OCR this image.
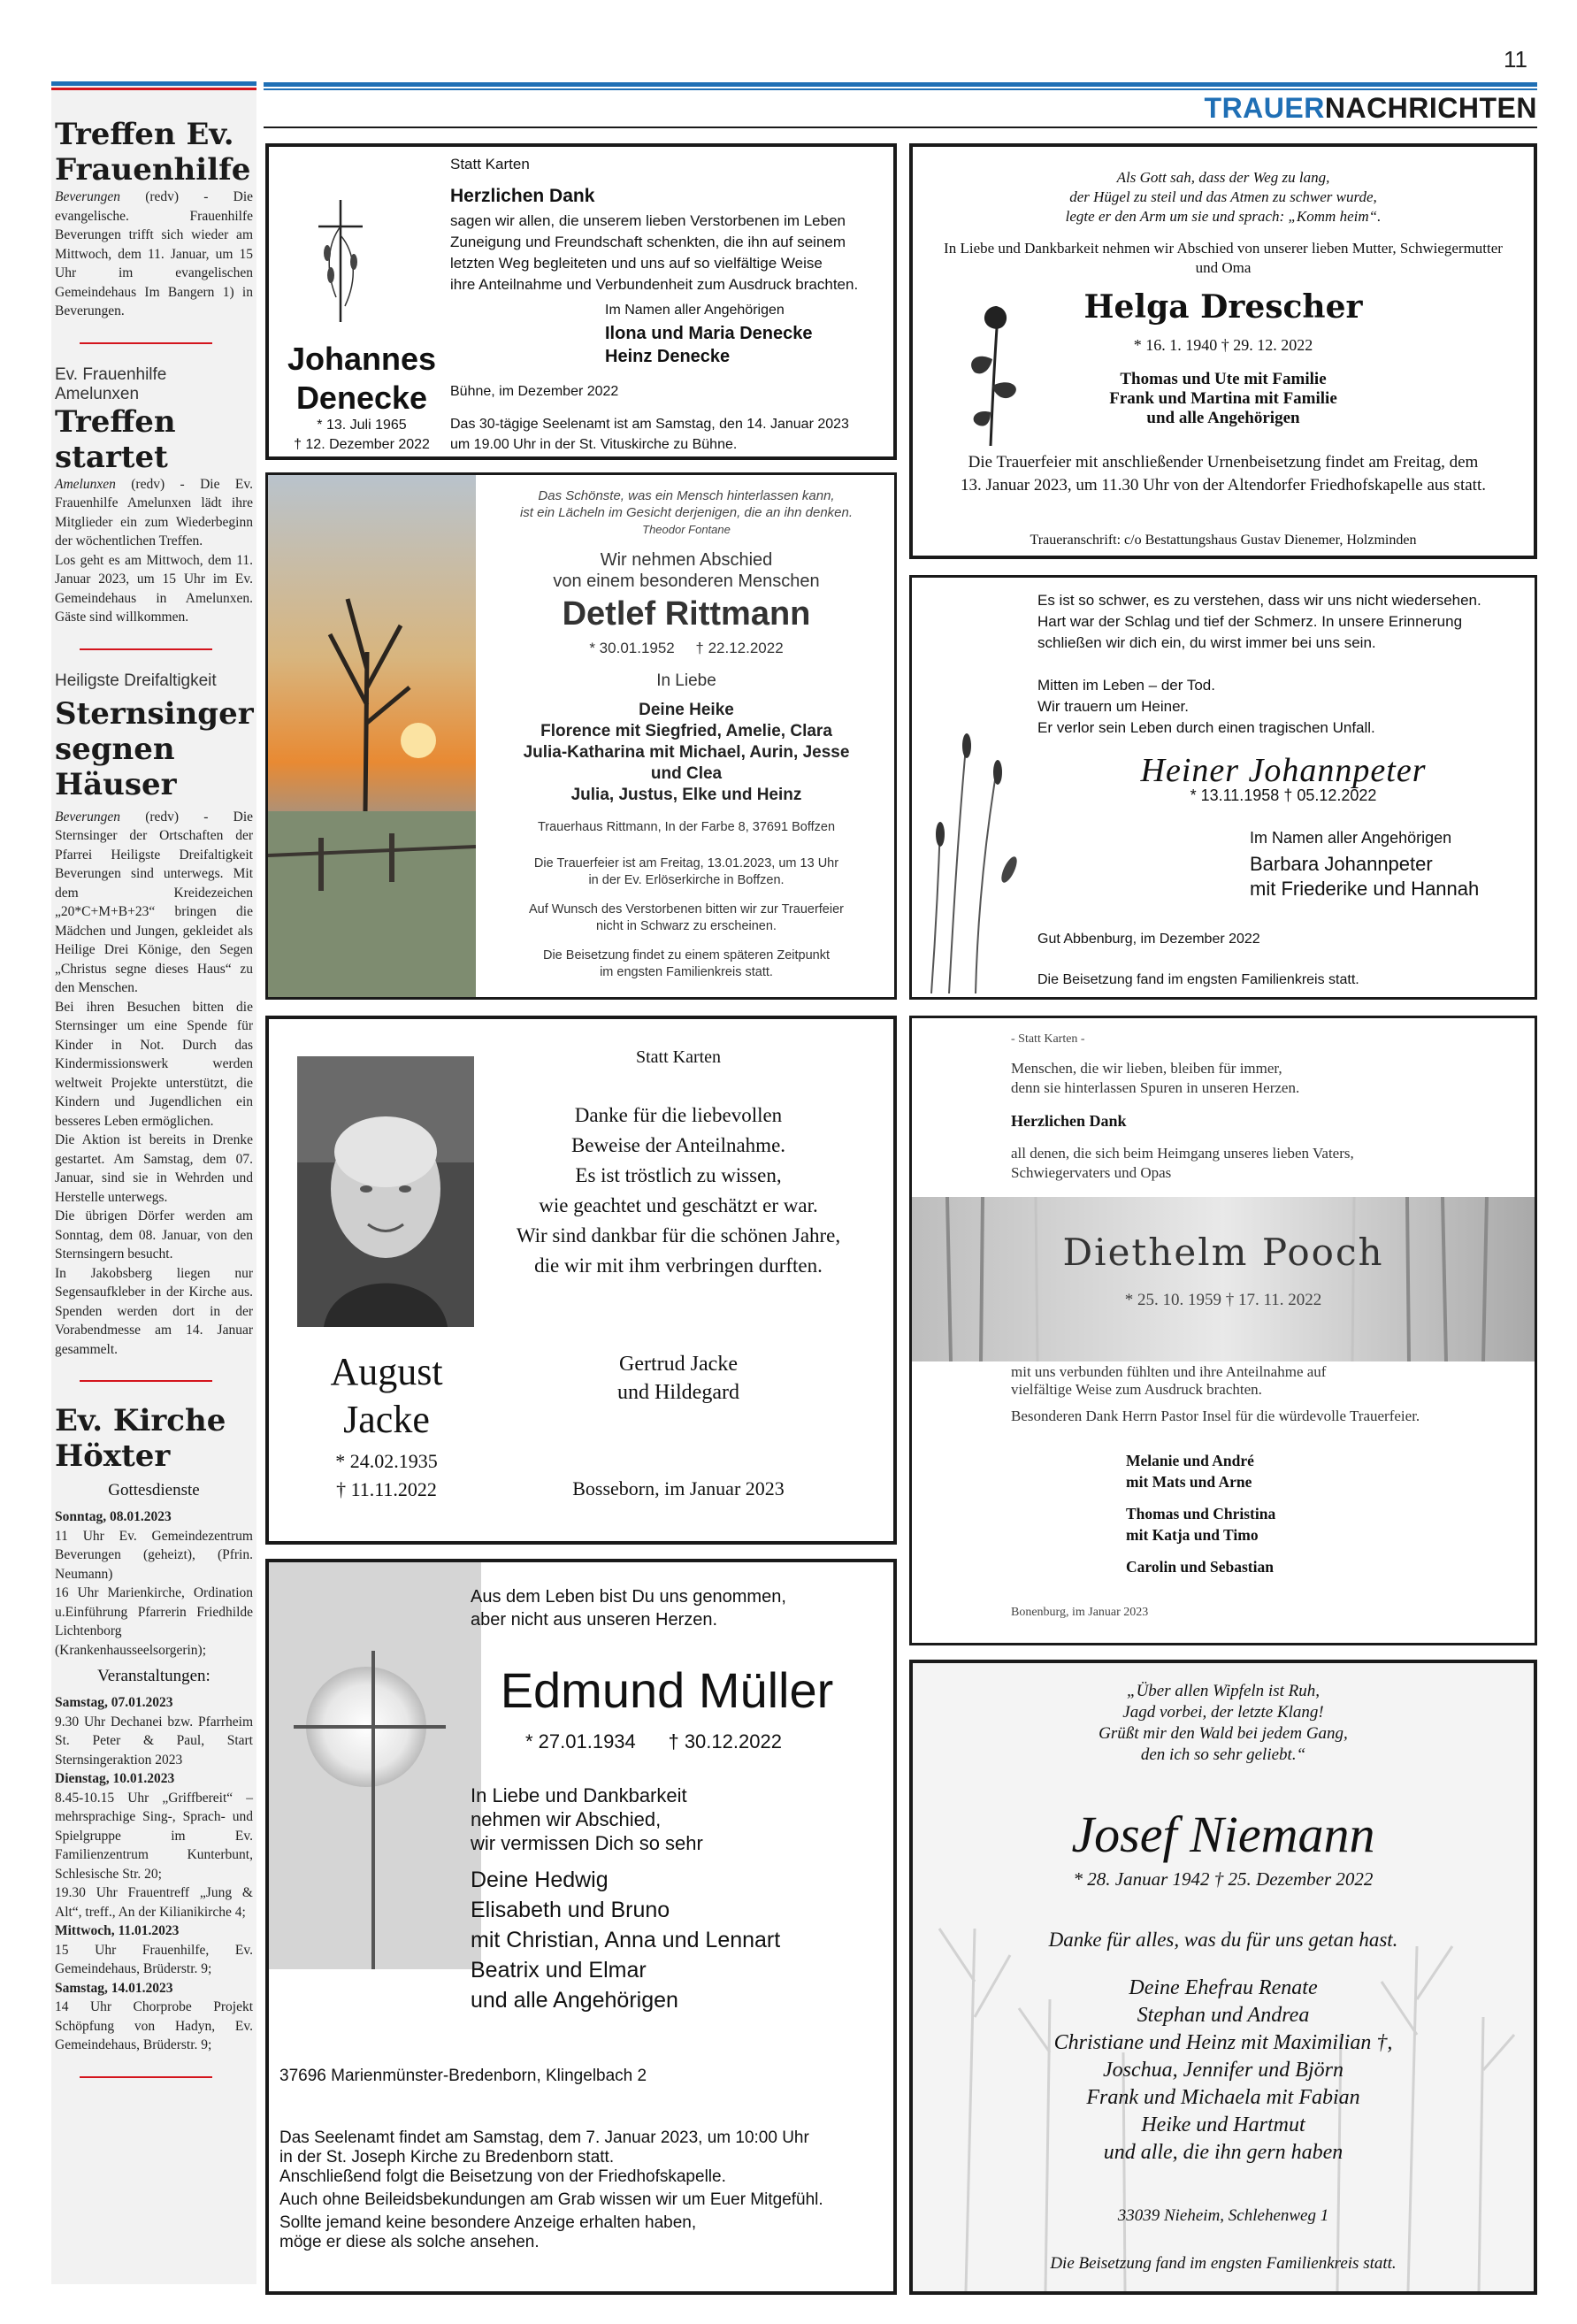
11
TRAUERNACHRICHTEN
Treffen Ev. Frauenhilfe

Beverungen (redv) - Die evangelische. Frauenhilfe Beverungen trifft sich wieder am Mittwoch, dem 11. Januar, um 15 Uhr im evangelischen Gemeindehaus Im Bangern 1) in Beverungen.

Ev. Frauenhilfe Amelunxen
Treffen startet

Amelunxen (redv) - Die Ev. Frauenhilfe Amelunxen lädt ihre Mitglieder ein zum Wiederbeginn der wöchentlichen Treffen.

Los geht es am Mittwoch, dem 11. Januar 2023, um 15 Uhr im Ev. Gemeindehaus in Amelunxen. Gäste sind willkommen.

Heiligste Dreifaltigkeit
Sternsinger segnen Häuser

Beverungen (redv) - Die Sternsinger der Ortschaften der Pfarrei Heiligste Dreifaltigkeit Beverungen sind unterwegs. Mit dem Kreidezeichen „20*C+M+B+23“ bringen die Mädchen und Jungen, gekleidet als Heilige Drei Könige, den Segen „Christus segne dieses Haus“ zu den Menschen.

Bei ihren Besuchen bitten die Sternsinger um eine Spende für Kinder in Not. Durch das Kindermissionswerk werden weltweit Projekte unterstützt, die Kindern und Jugendlichen ein besseres Leben ermöglichen.

Die Aktion ist bereits in Drenke gestartet. Am Samstag, dem 07. Januar, sind sie in Wehrden und Herstelle unterwegs.

Die übrigen Dörfer werden am Sonntag, dem 08. Januar, von den Sternsingern besucht.

In Jakobsberg liegen nur Segensaufkleber in der Kirche aus. Spenden werden dort in der Vorabendmesse am 14. Januar gesammelt.

Ev. Kirche Höxter
Gottesdienste

Sonntag, 08.01.2023

11 Uhr Ev. Gemeindezentrum Beverungen (geheizt), (Pfrin. Neumann)

16 Uhr Marienkirche, Ordination u.Einführung Pfarrerin Friedhilde Lichtenborg (Krankenhausseelsorgerin);

Veranstaltungen:

Samstag, 07.01.2023

9.30 Uhr Dechanei bzw. Pfarrheim St. Peter & Paul, Start Sternsingeraktion 2023

Dienstag, 10.01.2023

8.45-10.15 Uhr „Griffbereit“ – mehrsprachige Sing-, Sprach- und Spielgruppe im Ev. Familienzentrum Kunterbunt, Schlesische Str. 20;

19.30 Uhr Frauentreff „Jung & Alt“, treff., An der Kilianikirche 4;

Mittwoch, 11.01.2023

15 Uhr Frauenhilfe, Ev. Gemeindehaus, Brüderstr. 9;

Samstag, 14.01.2023

14 Uhr Chorprobe Projekt Schöpfung von Hadyn, Ev. Gemeindehaus, Brüderstr. 9;

Statt Karten
Herzlichen Dank
sagen wir allen, die unserem lieben Verstorbenen im Leben
Zuneigung und Freundschaft schenkten, die ihn auf seinem
letzten Weg begleiteten und uns auf so vielfältige Weise
ihre Anteilnahme und Verbundenheit zum Ausdruck brachten.
Im Namen aller Angehörigen
Ilona und Maria Denecke
Heinz Denecke
Johannes
Denecke
* 13. Juli 1965
† 12. Dezember 2022
Bühne, im Dezember 2022
Das 30-tägige Seelenamt ist am Samstag, den 14. Januar 2023
um 19.00 Uhr in der St. Vituskirche zu Bühne.
Als Gott sah, dass der Weg zu lang,
der Hügel zu steil und das Atmen zu schwer wurde,
legte er den Arm um sie und sprach: „Komm heim“.
In Liebe und Dankbarkeit nehmen wir Abschied von unserer lieben Mutter, Schwiegermutter
und Oma
Helga Drescher
* 16. 1. 1940 † 29. 12. 2022
Thomas und Ute mit Familie
Frank und Martina mit Familie
und alle Angehörigen
Die Trauerfeier mit anschließender Urnenbeisetzung findet am Freitag, dem
13. Januar 2023, um 11.30 Uhr von der Altendorfer Friedhofskapelle aus statt.
Traueranschrift: c/o Bestattungshaus Gustav Dienemer, Holzminden
Das Schönste, was ein Mensch hinterlassen kann,
ist ein Lächeln im Gesicht derjenigen, die an ihn denken.
Theodor Fontane
Wir nehmen Abschied
von einem besonderen Menschen
Detlef Rittmann
* 30.01.1952 † 22.12.2022
In Liebe
Deine Heike
Florence mit Siegfried, Amelie, Clara
Julia-Katharina mit Michael, Aurin, Jesse
und Clea
Julia, Justus, Elke und Heinz
Trauerhaus Rittmann, In der Farbe 8, 37691 Boffzen
Die Trauerfeier ist am Freitag, 13.01.2023, um 13 Uhr
in der Ev. Erlöserkirche in Boffzen.
Auf Wunsch des Verstorbenen bitten wir zur Trauerfeier
nicht in Schwarz zu erscheinen.
Die Beisetzung findet zu einem späteren Zeitpunkt
im engsten Familienkreis statt.
Es ist so schwer, es zu verstehen, dass wir uns nicht wiedersehen.
Hart war der Schlag und tief der Schmerz. In unsere Erinnerung
schließen wir dich ein, du wirst immer bei uns sein.
Mitten im Leben – der Tod.
Wir trauern um Heiner.
Er verlor sein Leben durch einen tragischen Unfall.
Heiner Johannpeter
* 13.11.1958 † 05.12.2022
Im Namen aller Angehörigen
Barbara Johannpeter
mit Friederike und Hannah
Gut Abbenburg, im Dezember 2022
Die Beisetzung fand im engsten Familienkreis statt.
Statt Karten
Danke für die liebevollen
Beweise der Anteilnahme.
Es ist tröstlich zu wissen,
wie geachtet und geschätzt er war.
Wir sind dankbar für die schönen Jahre,
die wir mit ihm verbringen durften.
August
Jacke
* 24.02.1935
† 11.11.2022
Gertrud Jacke
und Hildegard
Bosseborn, im Januar 2023
- Statt Karten -
Menschen, die wir lieben, bleiben für immer,
denn sie hinterlassen Spuren in unseren Herzen.
Herzlichen Dank
all denen, die sich beim Heimgang unseres lieben Vaters,
Schwiegervaters und Opas
Diethelm Pooch
* 25. 10. 1959 † 17. 11. 2022
mit uns verbunden fühlten und ihre Anteilnahme auf
vielfältige Weise zum Ausdruck brachten.
Besonderen Dank Herrn Pastor Insel für die würdevolle Trauerfeier.
Melanie und André
mit Mats und Arne
Thomas und Christina
mit Katja und Timo
Carolin und Sebastian
Bonenburg, im Januar 2023
Aus dem Leben bist Du uns genommen,
aber nicht aus unseren Herzen.
Edmund Müller
* 27.01.1934 † 30.12.2022
In Liebe und Dankbarkeit
nehmen wir Abschied,
wir vermissen Dich so sehr
Deine Hedwig
Elisabeth und Bruno
mit Christian, Anna und Lennart
Beatrix und Elmar
und alle Angehörigen
37696 Marienmünster-Bredenborn, Klingelbach 2
Das Seelenamt findet am Samstag, dem 7. Januar 2023, um 10:00 Uhr
in der St. Joseph Kirche zu Bredenborn statt.
Anschließend folgt die Beisetzung von der Friedhofskapelle.
Auch ohne Beileidsbekundungen am Grab wissen wir um Euer Mitgefühl.
Sollte jemand keine besondere Anzeige erhalten haben,
möge er diese als solche ansehen.
„Über allen Wipfeln ist Ruh,
Jagd vorbei, der letzte Klang!
Grüßt mir den Wald bei jedem Gang,
den ich so sehr geliebt.“
Josef Niemann
* 28. Januar 1942 † 25. Dezember 2022
Danke für alles, was du für uns getan hast.
Deine Ehefrau Renate
Stephan und Andrea
Christiane und Heinz mit Maximilian †,
Joschua, Jennifer und Björn
Frank und Michaela mit Fabian
Heike und Hartmut
und alle, die ihn gern haben
33039 Nieheim, Schlehenweg 1
Die Beisetzung fand im engsten Familienkreis statt.
